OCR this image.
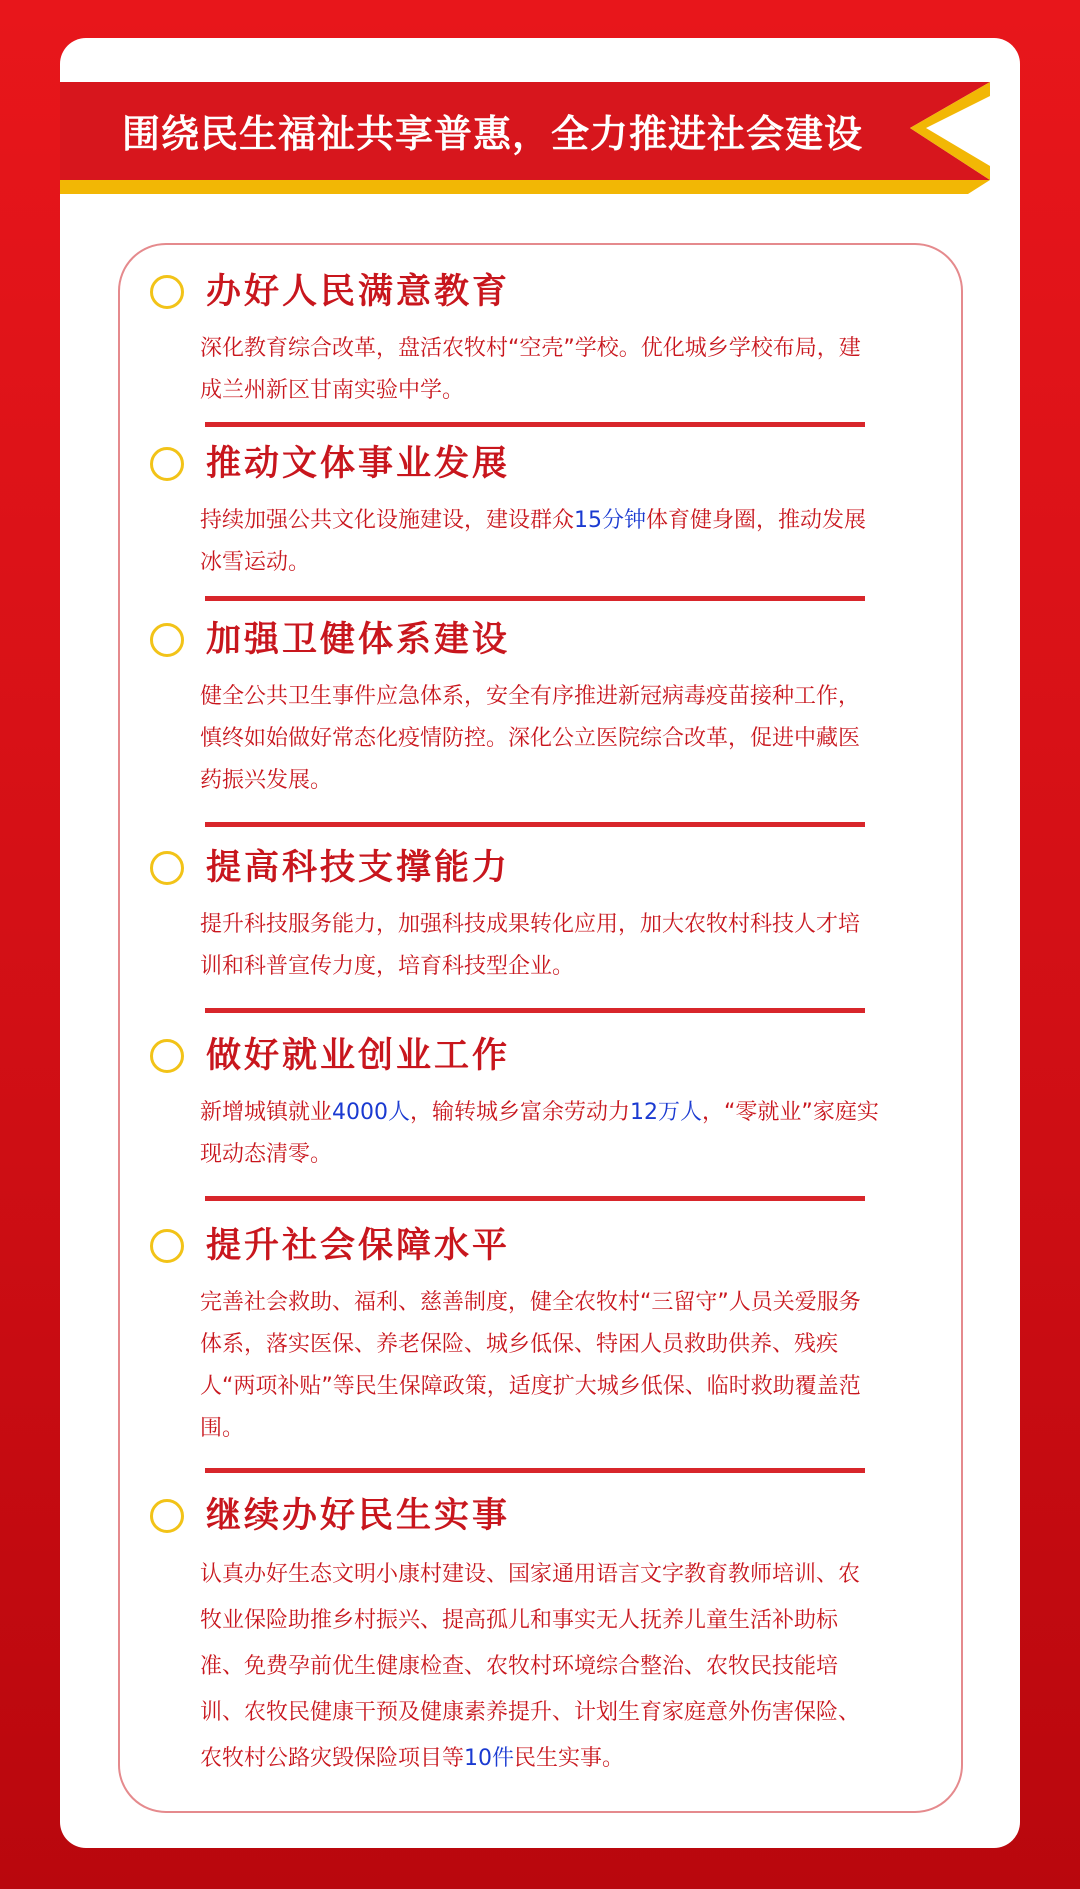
围绕民生福祉共享普惠，全力推进社会建设
办好人民满意教育
深化教育综合改革，盘活农牧村“空壳”学校。优化城乡学校布局，建成兰州新区甘南实验中学。
推动文体事业发展
持续加强公共文化设施建设，建设群众15分钟体育健身圈，推动发展冰雪运动。
加强卫健体系建设
健全公共卫生事件应急体系，安全有序推进新冠病毒疫苗接种工作，慎终如始做好常态化疫情防控。深化公立医院综合改革，促进中藏医药振兴发展。
提高科技支撑能力
提升科技服务能力，加强科技成果转化应用，加大农牧村科技人才培训和科普宣传力度，培育科技型企业。
做好就业创业工作
新增城镇就业4000人，输转城乡富余劳动力12万人，“零就业”家庭实现动态清零。
提升社会保障水平
完善社会救助、福利、慈善制度，健全农牧村“三留守”人员关爱服务体系，落实医保、养老保险、城乡低保、特困人员救助供养、残疾人“两项补贴”等民生保障政策，适度扩大城乡低保、临时救助覆盖范围。
继续办好民生实事
认真办好生态文明小康村建设、国家通用语言文字教育教师培训、农牧业保险助推乡村振兴、提高孤儿和事实无人抚养儿童生活补助标准、免费孕前优生健康检查、农牧村环境综合整治、农牧民技能培训、农牧民健康干预及健康素养提升、计划生育家庭意外伤害保险、农牧村公路灾毁保险项目等10件民生实事。
